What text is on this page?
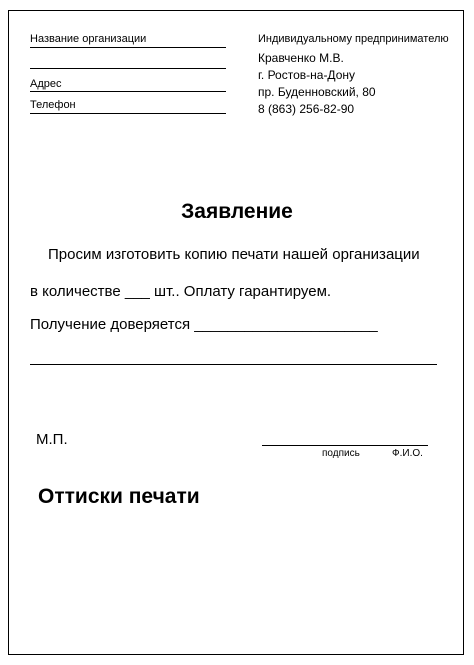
Название организации
Адрес
Телефон
Индивидуальному предпринимателю
Кравченко М.В.
г. Ростов-на-Дону
пр. Буденновский, 80
8 (863) 256-82-90
Заявление
Просим изготовить копию печати нашей организации
в количестве ___ шт.. Оплату гарантируем.
Получение доверяется ______________________
М.П.
подпись	Ф.И.О.
Оттиски печати
